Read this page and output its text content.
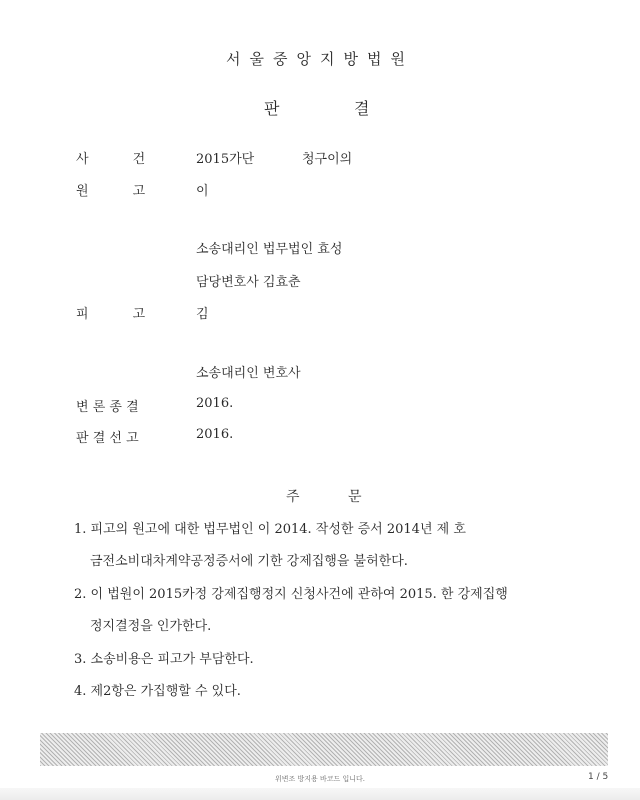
서울중앙지방법원
판	결
사	건	2015가단	청구이의
원	고	이
소송대리인 법무법인 효성
담당변호사 김효춘
피	고	김
소송대리인 변호사
변 론 종 결	2016.
판 결 선 고	2016.
주	문
1. 피고의 원고에 대한 법무법인 이 2014. 작성한 증서 2014년 제 호
금전소비대차계약공정증서에 기한 강제집행을 불허한다.
2. 이 법원이 2015카정 강제집행정지 신청사건에 관하여 2015. 한 강제집행
정지결정을 인가한다.
3. 소송비용은 피고가 부담한다.
4. 제2항은 가집행할 수 있다.
위변조 방지용 바코드 입니다.	1 / 5
